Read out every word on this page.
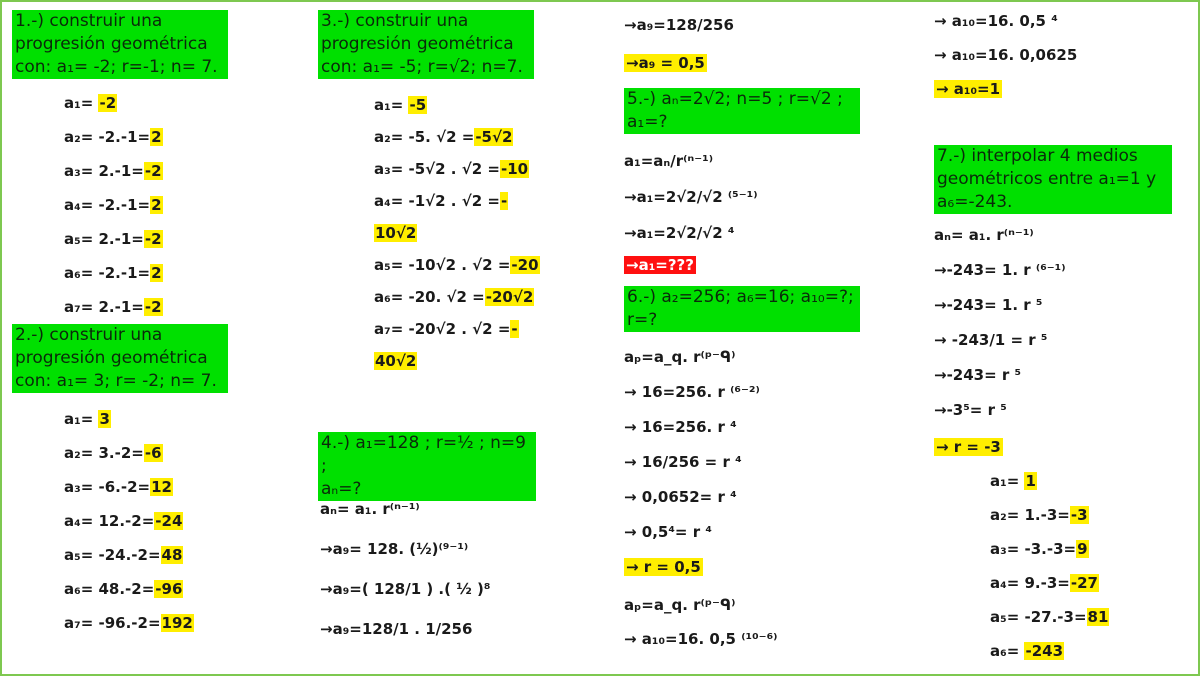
1.-) construir una
progresión geométrica
con: a₁= -2; r=-1; n= 7.
a₁= -2
a₂= -2.-1=2
a₃= 2.-1=-2
a₄= -2.-1=2
a₅= 2.-1=-2
a₆= -2.-1=2
a₇= 2.-1=-2
2.-) construir una
progresión geométrica
con: a₁= 3; r= -2; n= 7.
a₁= 3
a₂= 3.-2=-6
a₃= -6.-2=12
a₄= 12.-2=-24
a₅= -24.-2=48
a₆= 48.-2=-96
a₇= -96.-2=192
3.-) construir una
progresión geométrica
con: a₁= -5; r=√2; n=7.
a₁= -5
a₂= -5. √2 =-5√2
a₃= -5√2 . √2 =-10
a₄= -1√2 . √2 =-
10√2
a₅= -10√2 . √2 =-20
a₆= -20. √2 =-20√2
a₇= -20√2 . √2 =-
40√2
4.-) a₁=128 ; r=½ ; n=9 ;
aₙ=?
aₙ= a₁. r⁽ⁿ⁻¹⁾
→a₉= 128. (½)⁽⁹⁻¹⁾
→a₉=( 128/1 ) .( ½ )⁸
→a₉=128/1 . 1/256
→a₉=128/256
→a₉ = 0,5
5.-) aₙ=2√2; n=5 ; r=√2 ;
a₁=?
a₁=aₙ/r⁽ⁿ⁻¹⁾
→a₁=2√2/√2 ⁽⁵⁻¹⁾
→a₁=2√2/√2 ⁴
→a₁=???
6.-) a₂=256; a₆=16; a₁₀=?;
r=?
aₚ=a_q. r⁽ᵖ⁻ᑫ⁾
→ 16=256. r ⁽⁶⁻²⁾
→ 16=256. r ⁴
→ 16/256 = r ⁴
→ 0,0652= r ⁴
→ 0,5⁴= r ⁴
→ r = 0,5
aₚ=a_q. r⁽ᵖ⁻ᑫ⁾
→ a₁₀=16. 0,5 ⁽¹⁰⁻⁶⁾
→ a₁₀=16. 0,5 ⁴
→ a₁₀=16. 0,0625
→ a₁₀=1
7.-) interpolar 4 medios
geométricos entre a₁=1 y
a₆=-243.
aₙ= a₁. r⁽ⁿ⁻¹⁾
→-243= 1. r ⁽⁶⁻¹⁾
→-243= 1. r ⁵
→ -243/1 = r ⁵
→-243= r ⁵
→-3⁵= r ⁵
→ r = -3
a₁= 1
a₂= 1.-3=-3
a₃= -3.-3=9
a₄= 9.-3=-27
a₅= -27.-3=81
a₆= -243
